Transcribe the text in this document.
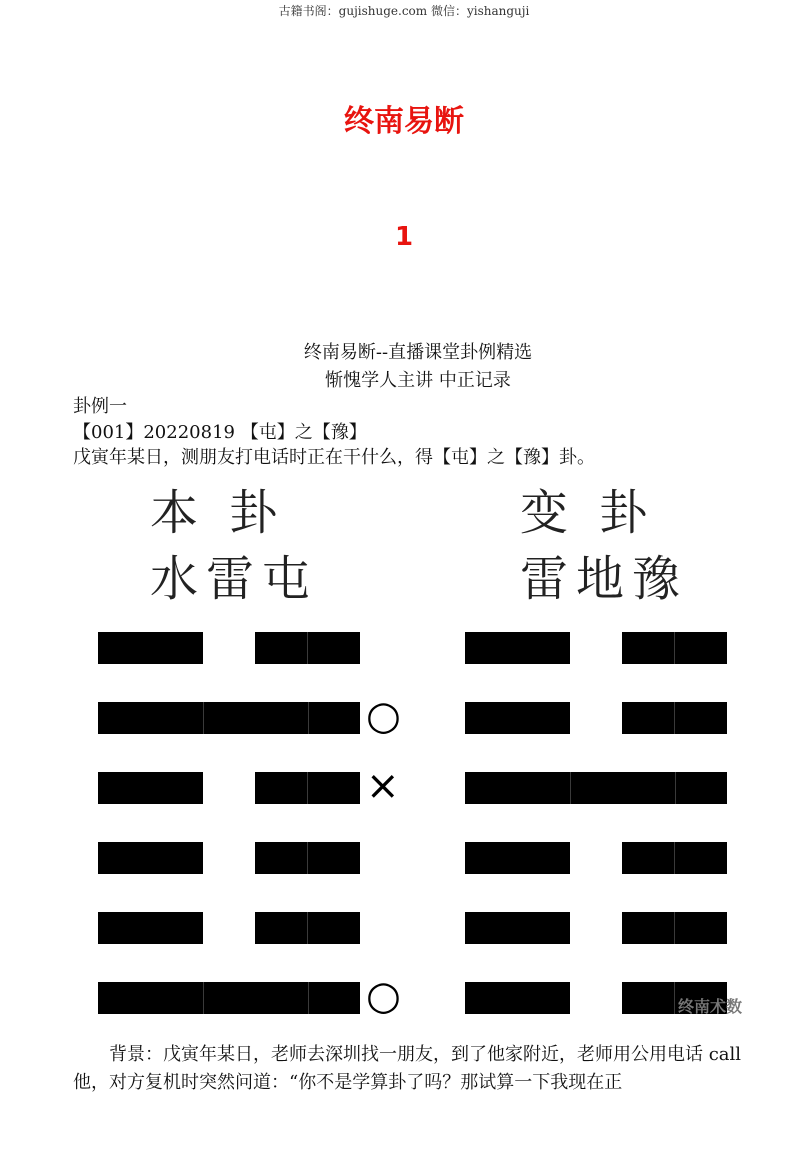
古籍书阁：gujishuge.com 微信：yishanguji
终南易断
1
终南易断--直播课堂卦例精选
惭愧学人主讲 中正记录
卦例一
【001】20220819 【屯】之【豫】
戊寅年某日，测朋友打电话时正在干什么，得【屯】之【豫】卦。
本 卦
水雷屯
变 卦
雷地豫
○
×
○	终南术数
背景：戊寅年某日，老师去深圳找一朋友，到了他家附近，老师用公用电话 call 他，对方复机时突然问道：“你不是学算卦了吗？那试算一下我现在正
